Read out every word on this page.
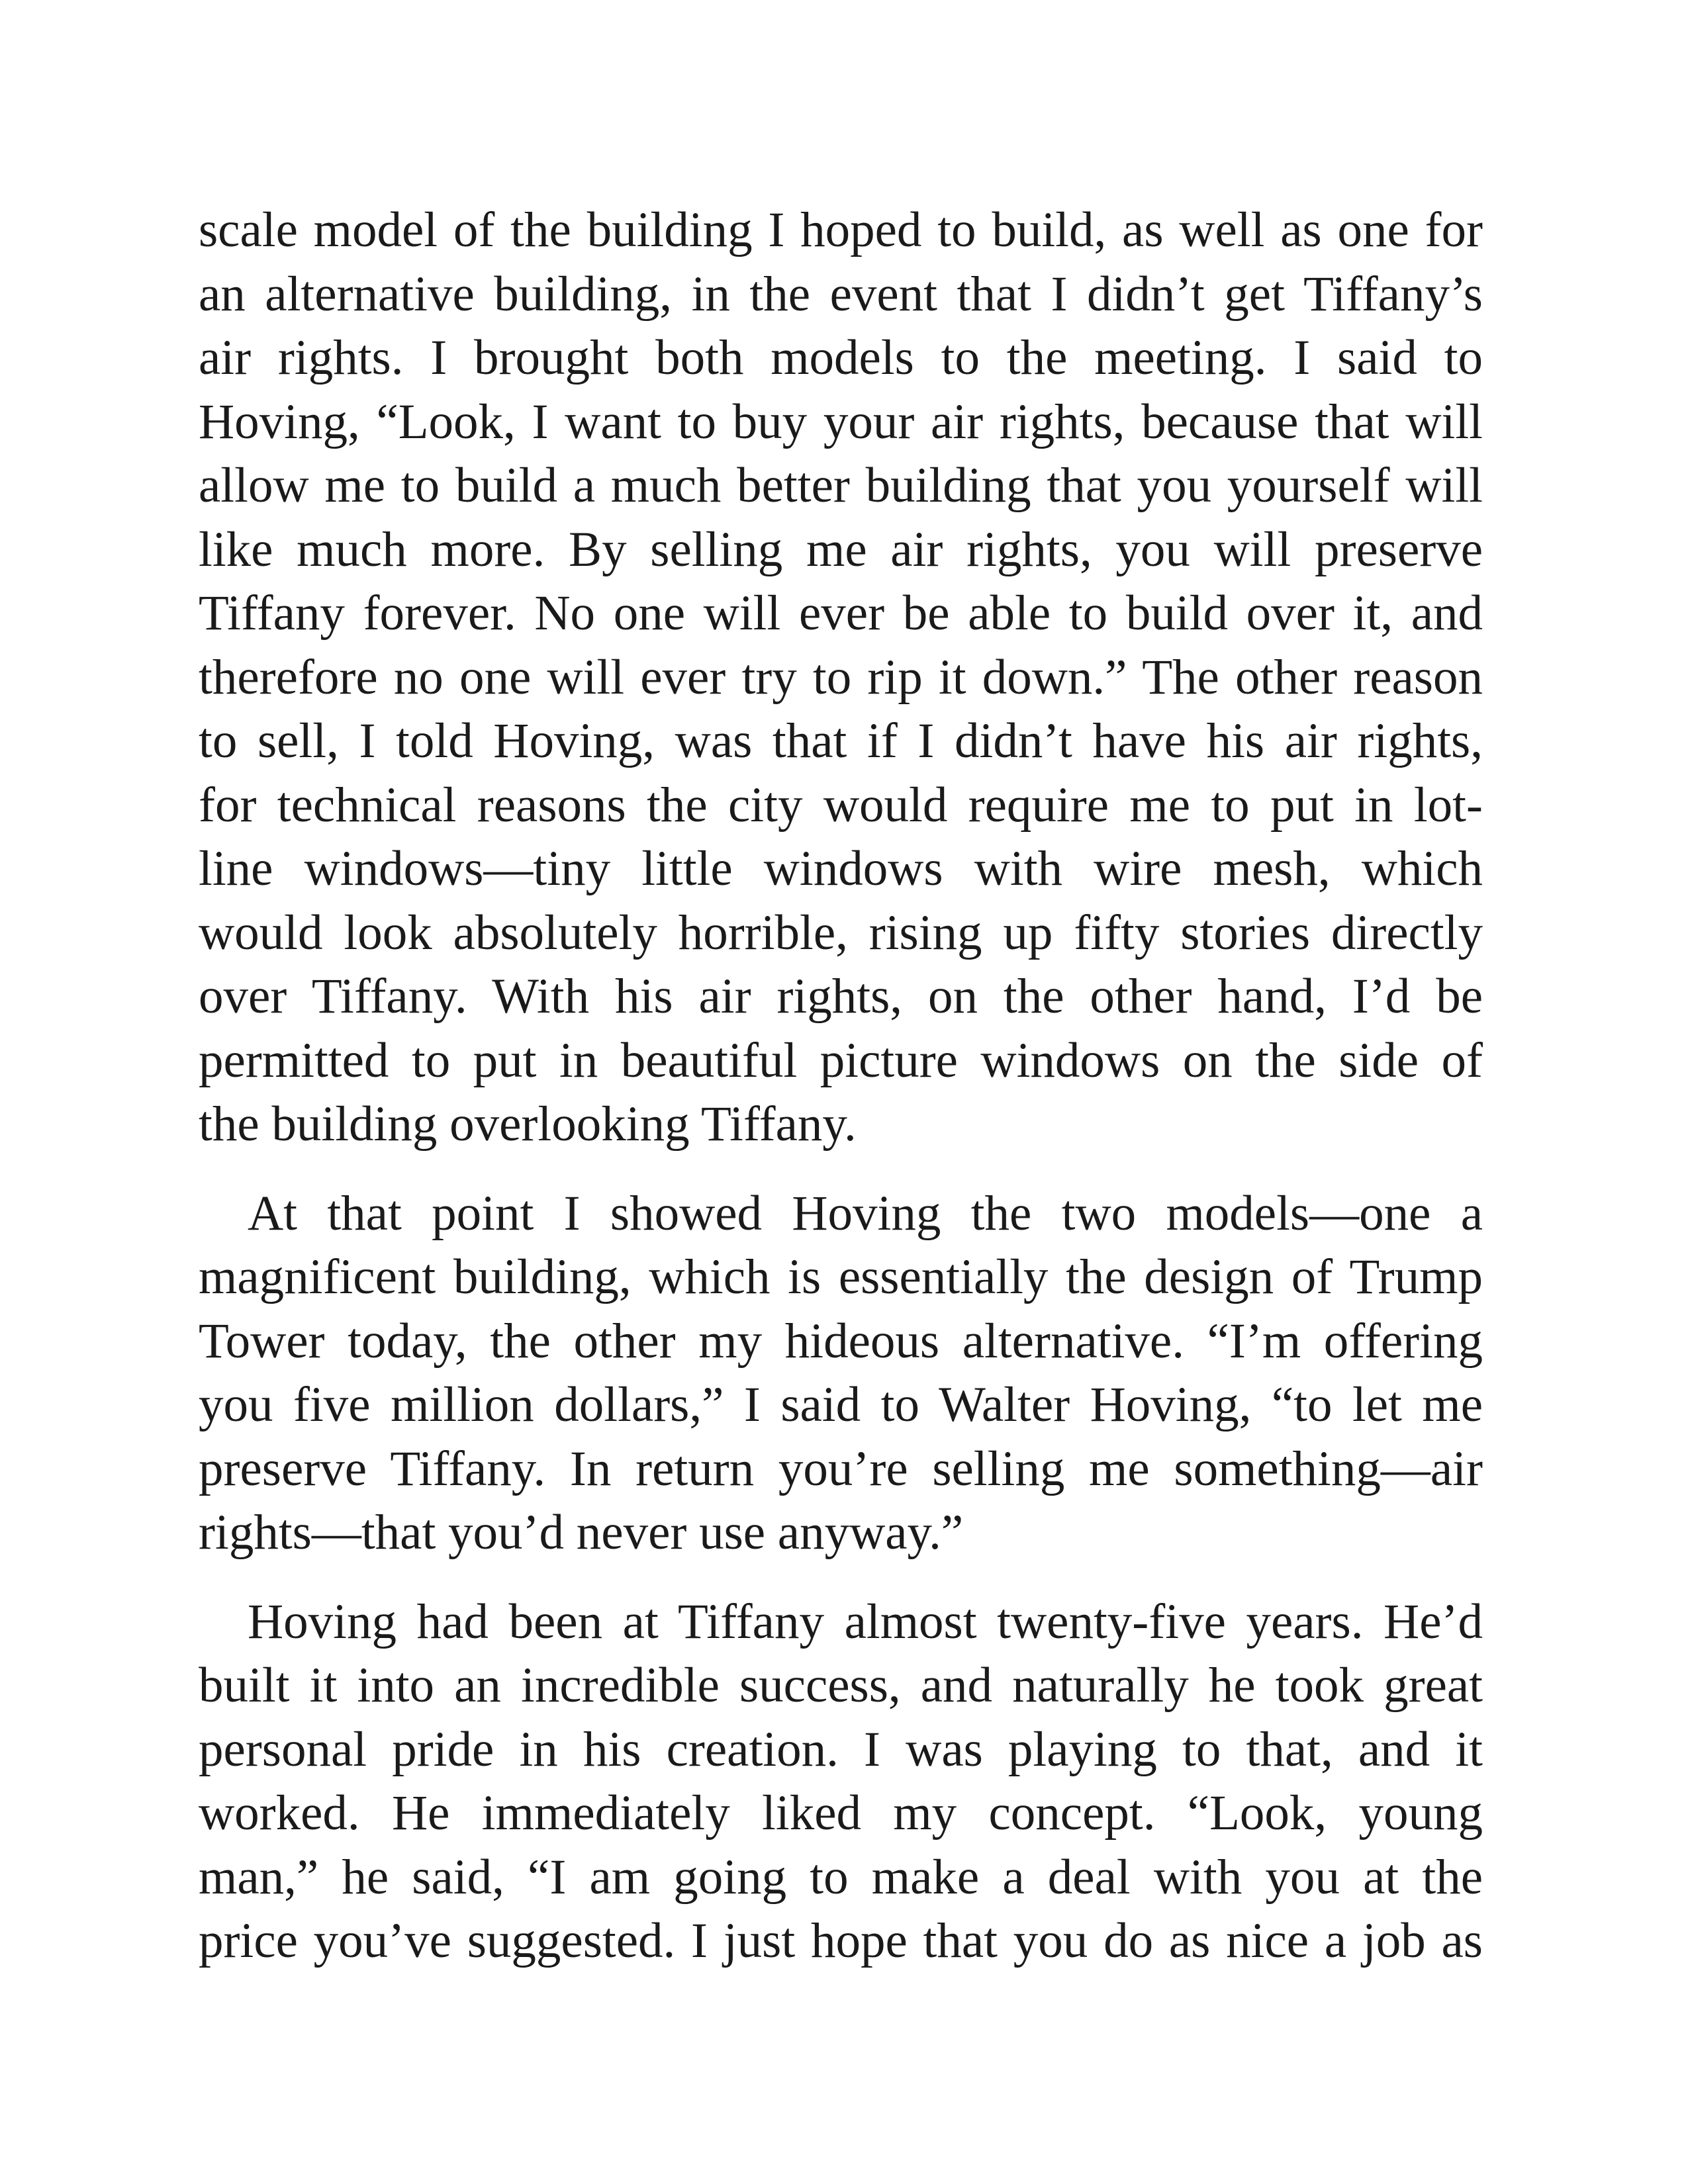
scale model of the building I hoped to build, as well as one for
an alternative building, in the event that I didn’t get Tiffany’s
air rights. I brought both models to the meeting. I said to
Hoving, “Look, I want to buy your air rights, because that will
allow me to build a much better building that you yourself will
like much more. By selling me air rights, you will preserve
Tiffany forever. No one will ever be able to build over it, and
therefore no one will ever try to rip it down.” The other reason
to sell, I told Hoving, was that if I didn’t have his air rights,
for technical reasons the city would require me to put in lot-
line windows—tiny little windows with wire mesh, which
would look absolutely horrible, rising up fifty stories directly
over Tiffany. With his air rights, on the other hand, I’d be
permitted to put in beautiful picture windows on the side of
the building overlooking Tiffany.

At that point I showed Hoving the two models—one a
magnificent building, which is essentially the design of Trump
Tower today, the other my hideous alternative. “I’m offering
you five million dollars,” I said to Walter Hoving, “to let me
preserve Tiffany. In return you’re selling me something—air
rights—that you’d never use anyway.”

Hoving had been at Tiffany almost twenty-five years. He’d
built it into an incredible success, and naturally he took great
personal pride in his creation. I was playing to that, and it
worked. He immediately liked my concept. “Look, young
man,” he said, “I am going to make a deal with you at the
price you’ve suggested. I just hope that you do as nice a job as
